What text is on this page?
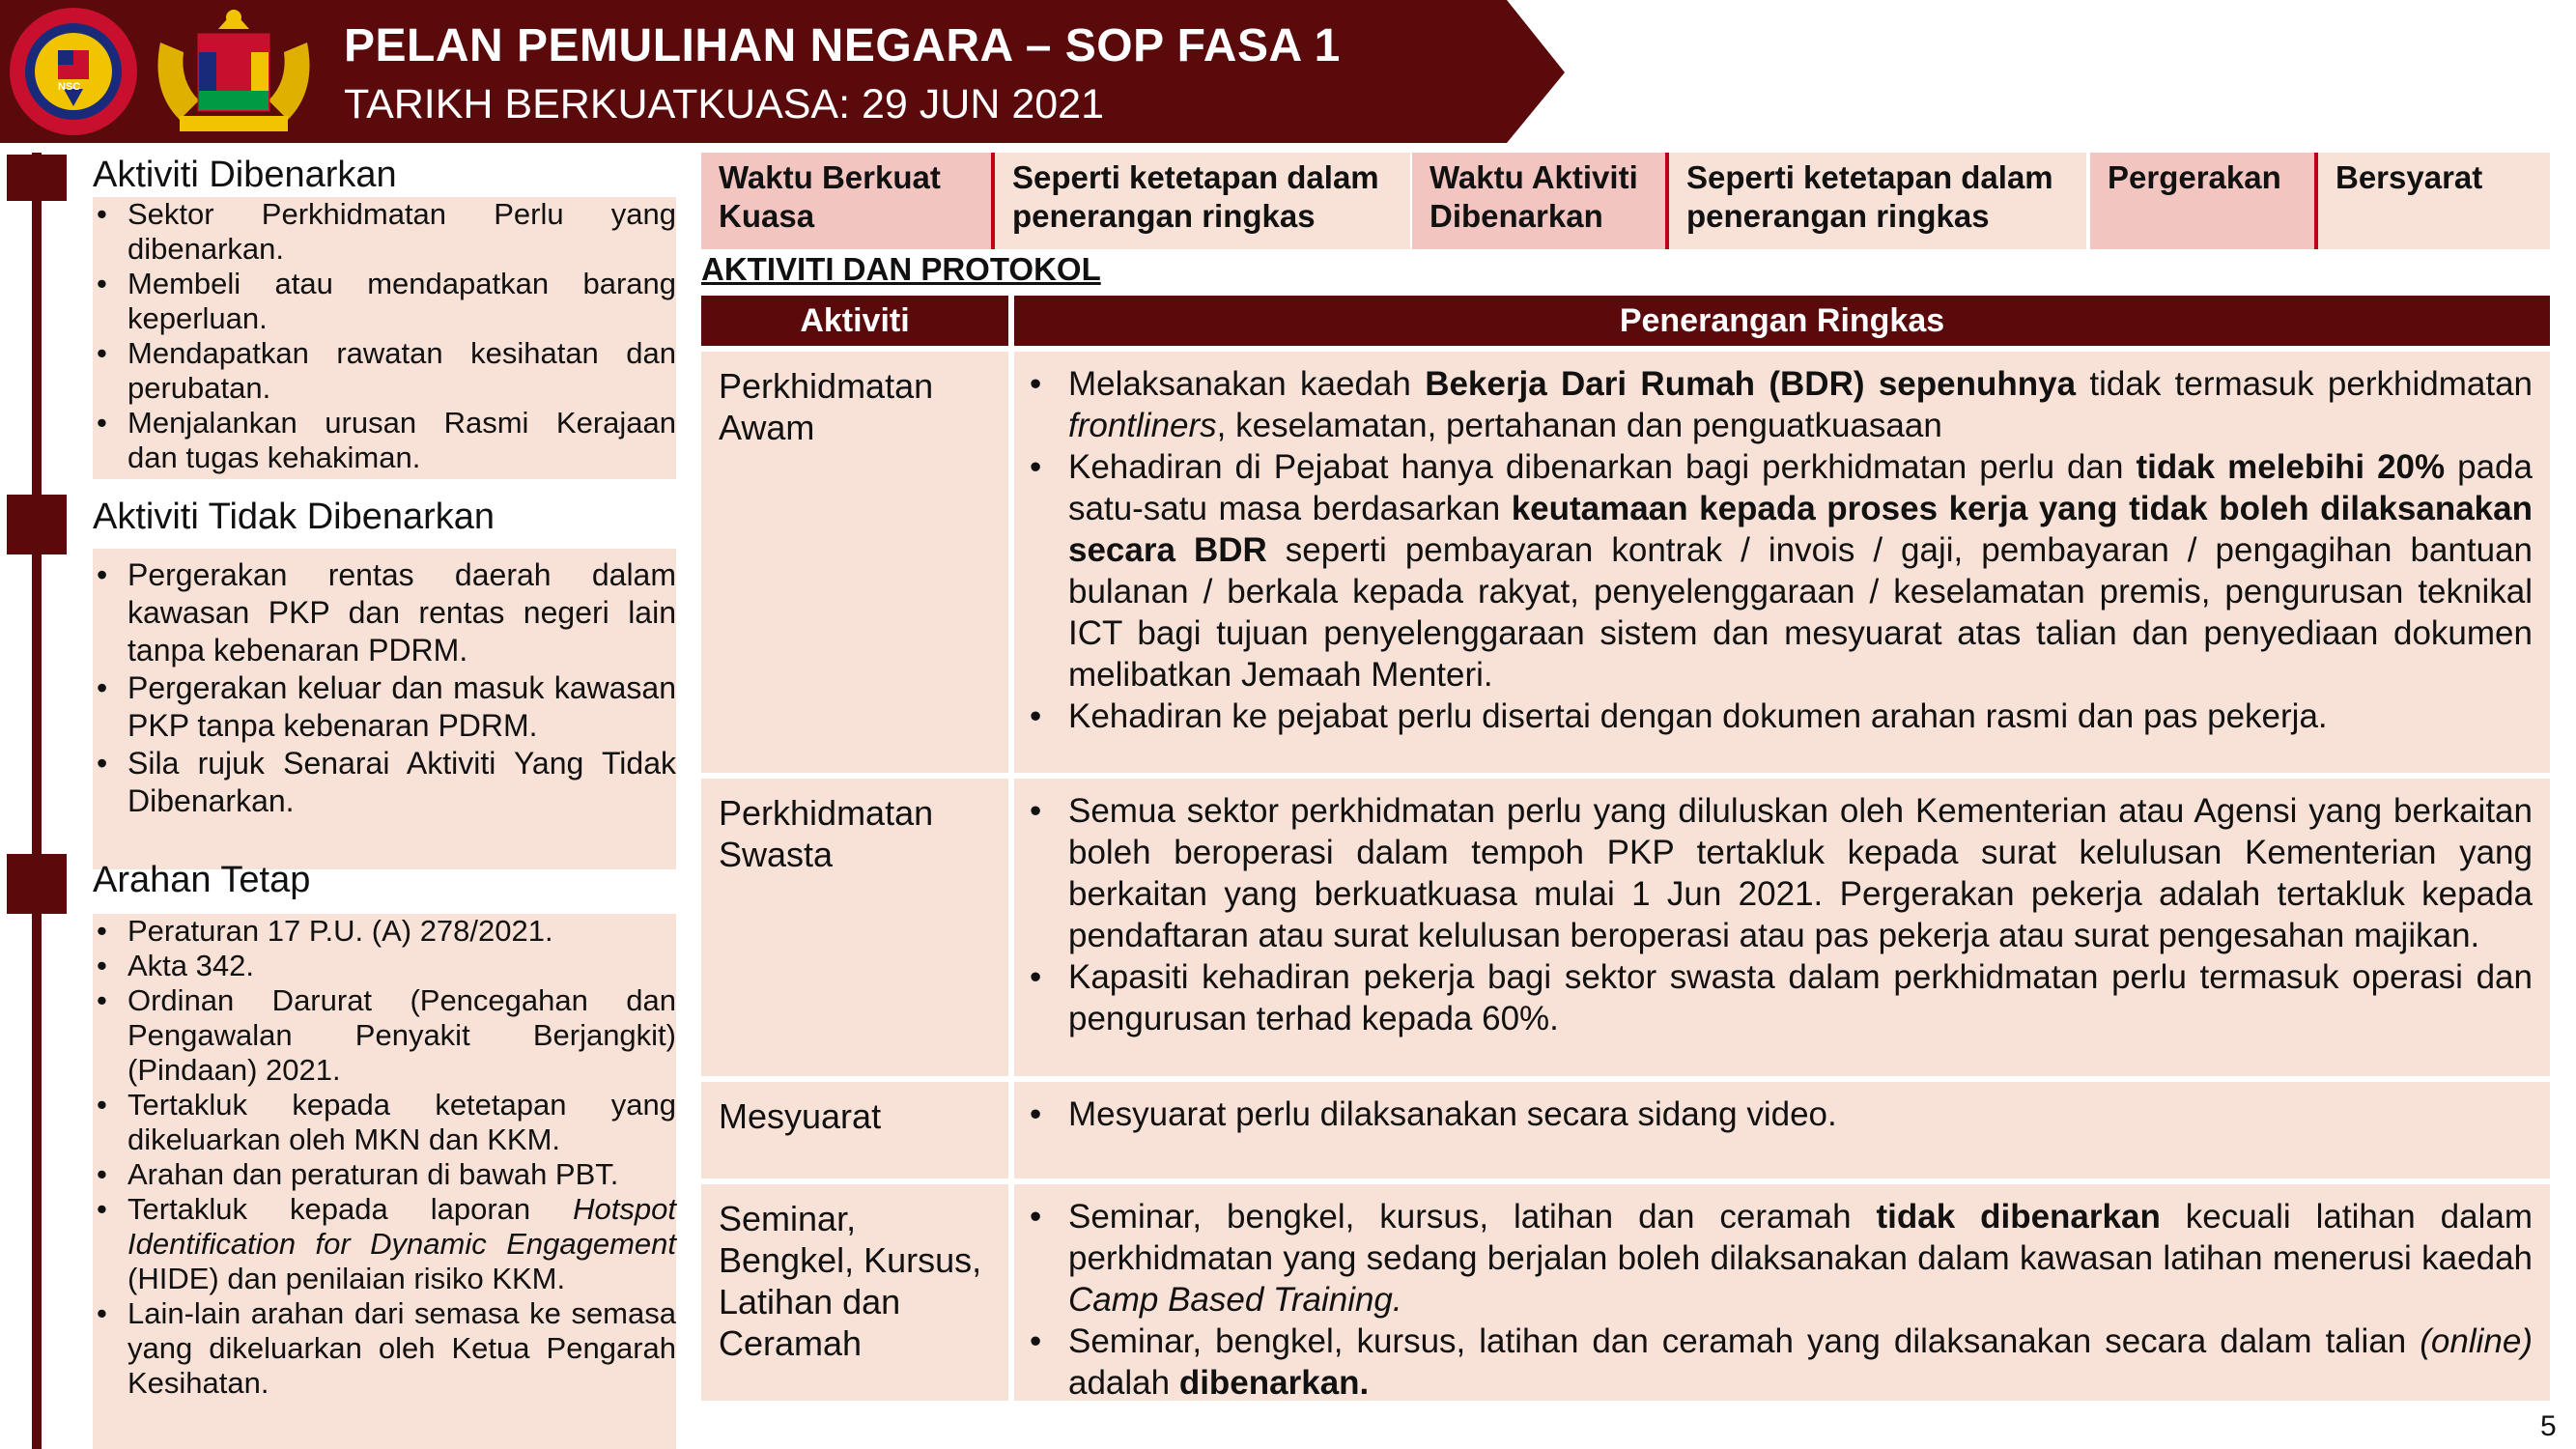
NSC
PELAN PEMULIHAN NEGARA – SOP FASA 1
TARIKH BERKUATKUASA: 29 JUN 2021
Aktiviti Dibenarkan
• Sektor Perkhidmatan Perlu yang dibenarkan.
• Membeli atau mendapatkan barang keperluan.
• Mendapatkan rawatan kesihatan dan perubatan.
• Menjalankan urusan Rasmi Kerajaan dan tugas kehakiman.
Aktiviti Tidak Dibenarkan
• Pergerakan rentas daerah dalam kawasan PKP dan rentas negeri lain tanpa kebenaran PDRM.
• Pergerakan keluar dan masuk kawasan PKP tanpa kebenaran PDRM.
• Sila rujuk Senarai Aktiviti Yang Tidak Dibenarkan.
Arahan Tetap
• Peraturan 17 P.U. (A) 278/2021.
• Akta 342.
• Ordinan Darurat (Pencegahan dan Pengawalan Penyakit Berjangkit) (Pindaan) 2021.
• Tertakluk kepada ketetapan yang dikeluarkan oleh MKN dan KKM.
• Arahan dan peraturan di bawah PBT.
• Tertakluk kepada laporan Hotspot Identification for Dynamic Engagement (HIDE) dan penilaian risiko KKM.
• Lain-lain arahan dari semasa ke semasa yang dikeluarkan oleh Ketua Pengarah Kesihatan.
Waktu Berkuat Kuasa
Seperti ketetapan dalam penerangan ringkas
Waktu Aktiviti Dibenarkan
Seperti ketetapan dalam penerangan ringkas
Pergerakan	Bersyarat
AKTIVITI DAN PROTOKOL
Aktiviti	Penerangan Ringkas
Perkhidmatan Awam
• Melaksanakan kaedah Bekerja Dari Rumah (BDR) sepenuhnya tidak termasuk perkhidmatan frontliners, keselamatan, pertahanan dan penguatkuasaan
• Kehadiran di Pejabat hanya dibenarkan bagi perkhidmatan perlu dan tidak melebihi 20% pada satu-satu masa berdasarkan keutamaan kepada proses kerja yang tidak boleh dilaksanakan secara BDR seperti pembayaran kontrak / invois / gaji, pembayaran / pengagihan bantuan bulanan / berkala kepada rakyat, penyelenggaraan / keselamatan premis, pengurusan teknikal ICT bagi tujuan penyelenggaraan sistem dan mesyuarat atas talian dan penyediaan dokumen melibatkan Jemaah Menteri.
• Kehadiran ke pejabat perlu disertai dengan dokumen arahan rasmi dan pas pekerja.
Perkhidmatan Swasta
• Semua sektor perkhidmatan perlu yang diluluskan oleh Kementerian atau Agensi yang berkaitan boleh beroperasi dalam tempoh PKP tertakluk kepada surat kelulusan Kementerian yang berkaitan yang berkuatkuasa mulai 1 Jun 2021. Pergerakan pekerja adalah tertakluk kepada pendaftaran atau surat kelulusan beroperasi atau pas pekerja atau surat pengesahan majikan.
• Kapasiti kehadiran pekerja bagi sektor swasta dalam perkhidmatan perlu termasuk operasi dan pengurusan terhad kepada 60%.
Mesyuarat
•	Mesyuarat perlu dilaksanakan secara sidang video.
Seminar, Bengkel, Kursus, Latihan dan Ceramah
• Seminar, bengkel, kursus, latihan dan ceramah tidak dibenarkan kecuali latihan dalam perkhidmatan yang sedang berjalan boleh dilaksanakan dalam kawasan latihan menerusi kaedah Camp Based Training.
• Seminar, bengkel, kursus, latihan dan ceramah yang dilaksanakan secara dalam talian (online) adalah dibenarkan.
5
